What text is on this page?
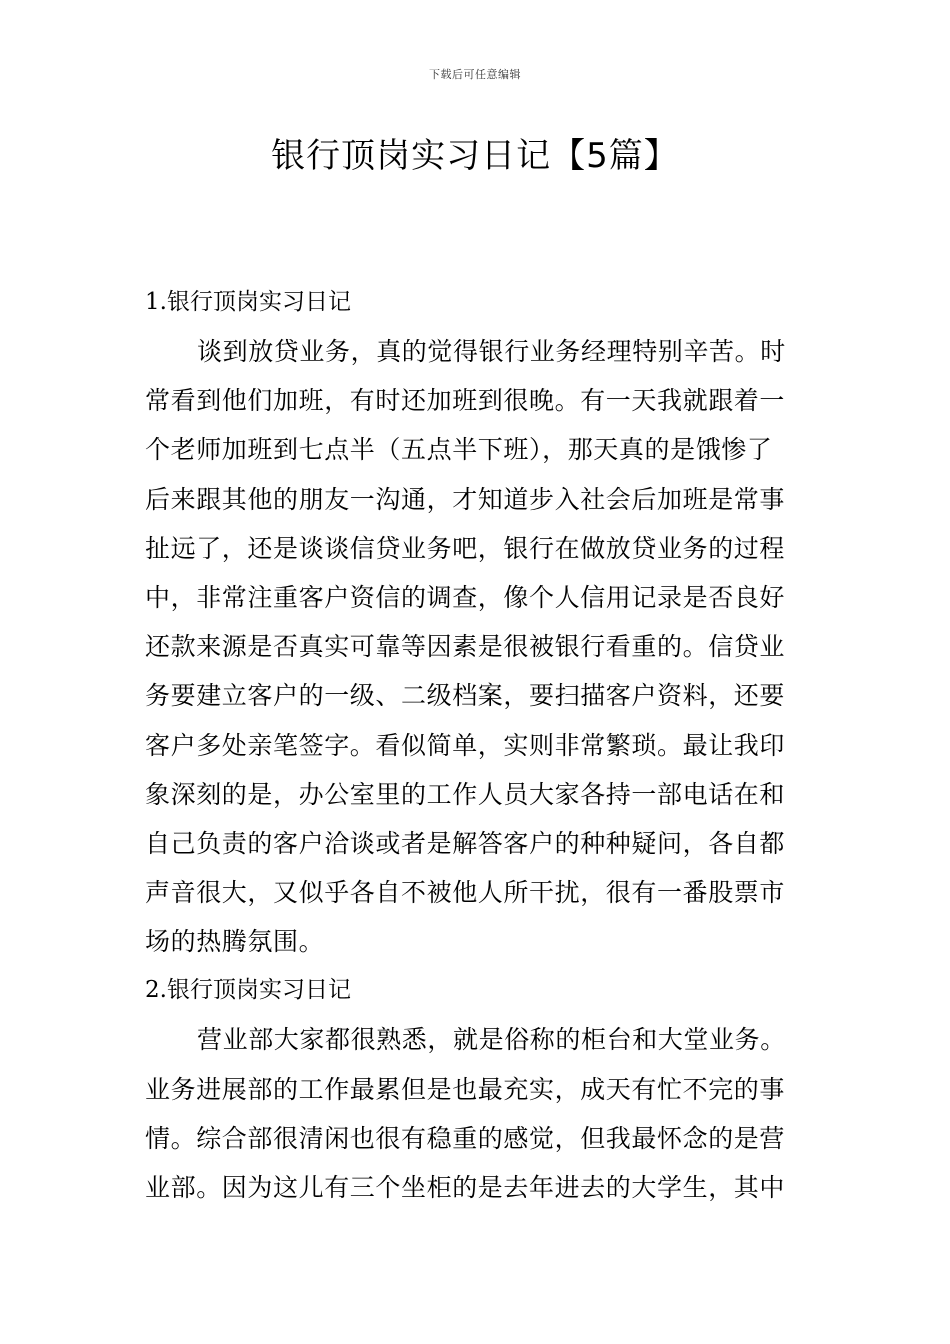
下载后可任意编辑
银行顶岗实习日记【5篇】
1.银行顶岗实习日记
谈到放贷业务，真的觉得银行业务经理特别辛苦。时
常看到他们加班，有时还加班到很晚。有一天我就跟着一
个老师加班到七点半（五点半下班），那天真的是饿惨了
后来跟其他的朋友一沟通，才知道步入社会后加班是常事
扯远了，还是谈谈信贷业务吧，银行在做放贷业务的过程
中，非常注重客户资信的调查，像个人信用记录是否良好
还款来源是否真实可靠等因素是很被银行看重的。信贷业
务要建立客户的一级、二级档案，要扫描客户资料，还要
客户多处亲笔签字。看似简单，实则非常繁琐。最让我印
象深刻的是，办公室里的工作人员大家各持一部电话在和
自己负责的客户洽谈或者是解答客户的种种疑问，各自都
声音很大，又似乎各自不被他人所干扰，很有一番股票市
场的热腾氛围。
2.银行顶岗实习日记
营业部大家都很熟悉，就是俗称的柜台和大堂业务。
业务进展部的工作最累但是也最充实，成天有忙不完的事
情。综合部很清闲也很有稳重的感觉，但我最怀念的是营
业部。因为这儿有三个坐柜的是去年进去的大学生，其中
